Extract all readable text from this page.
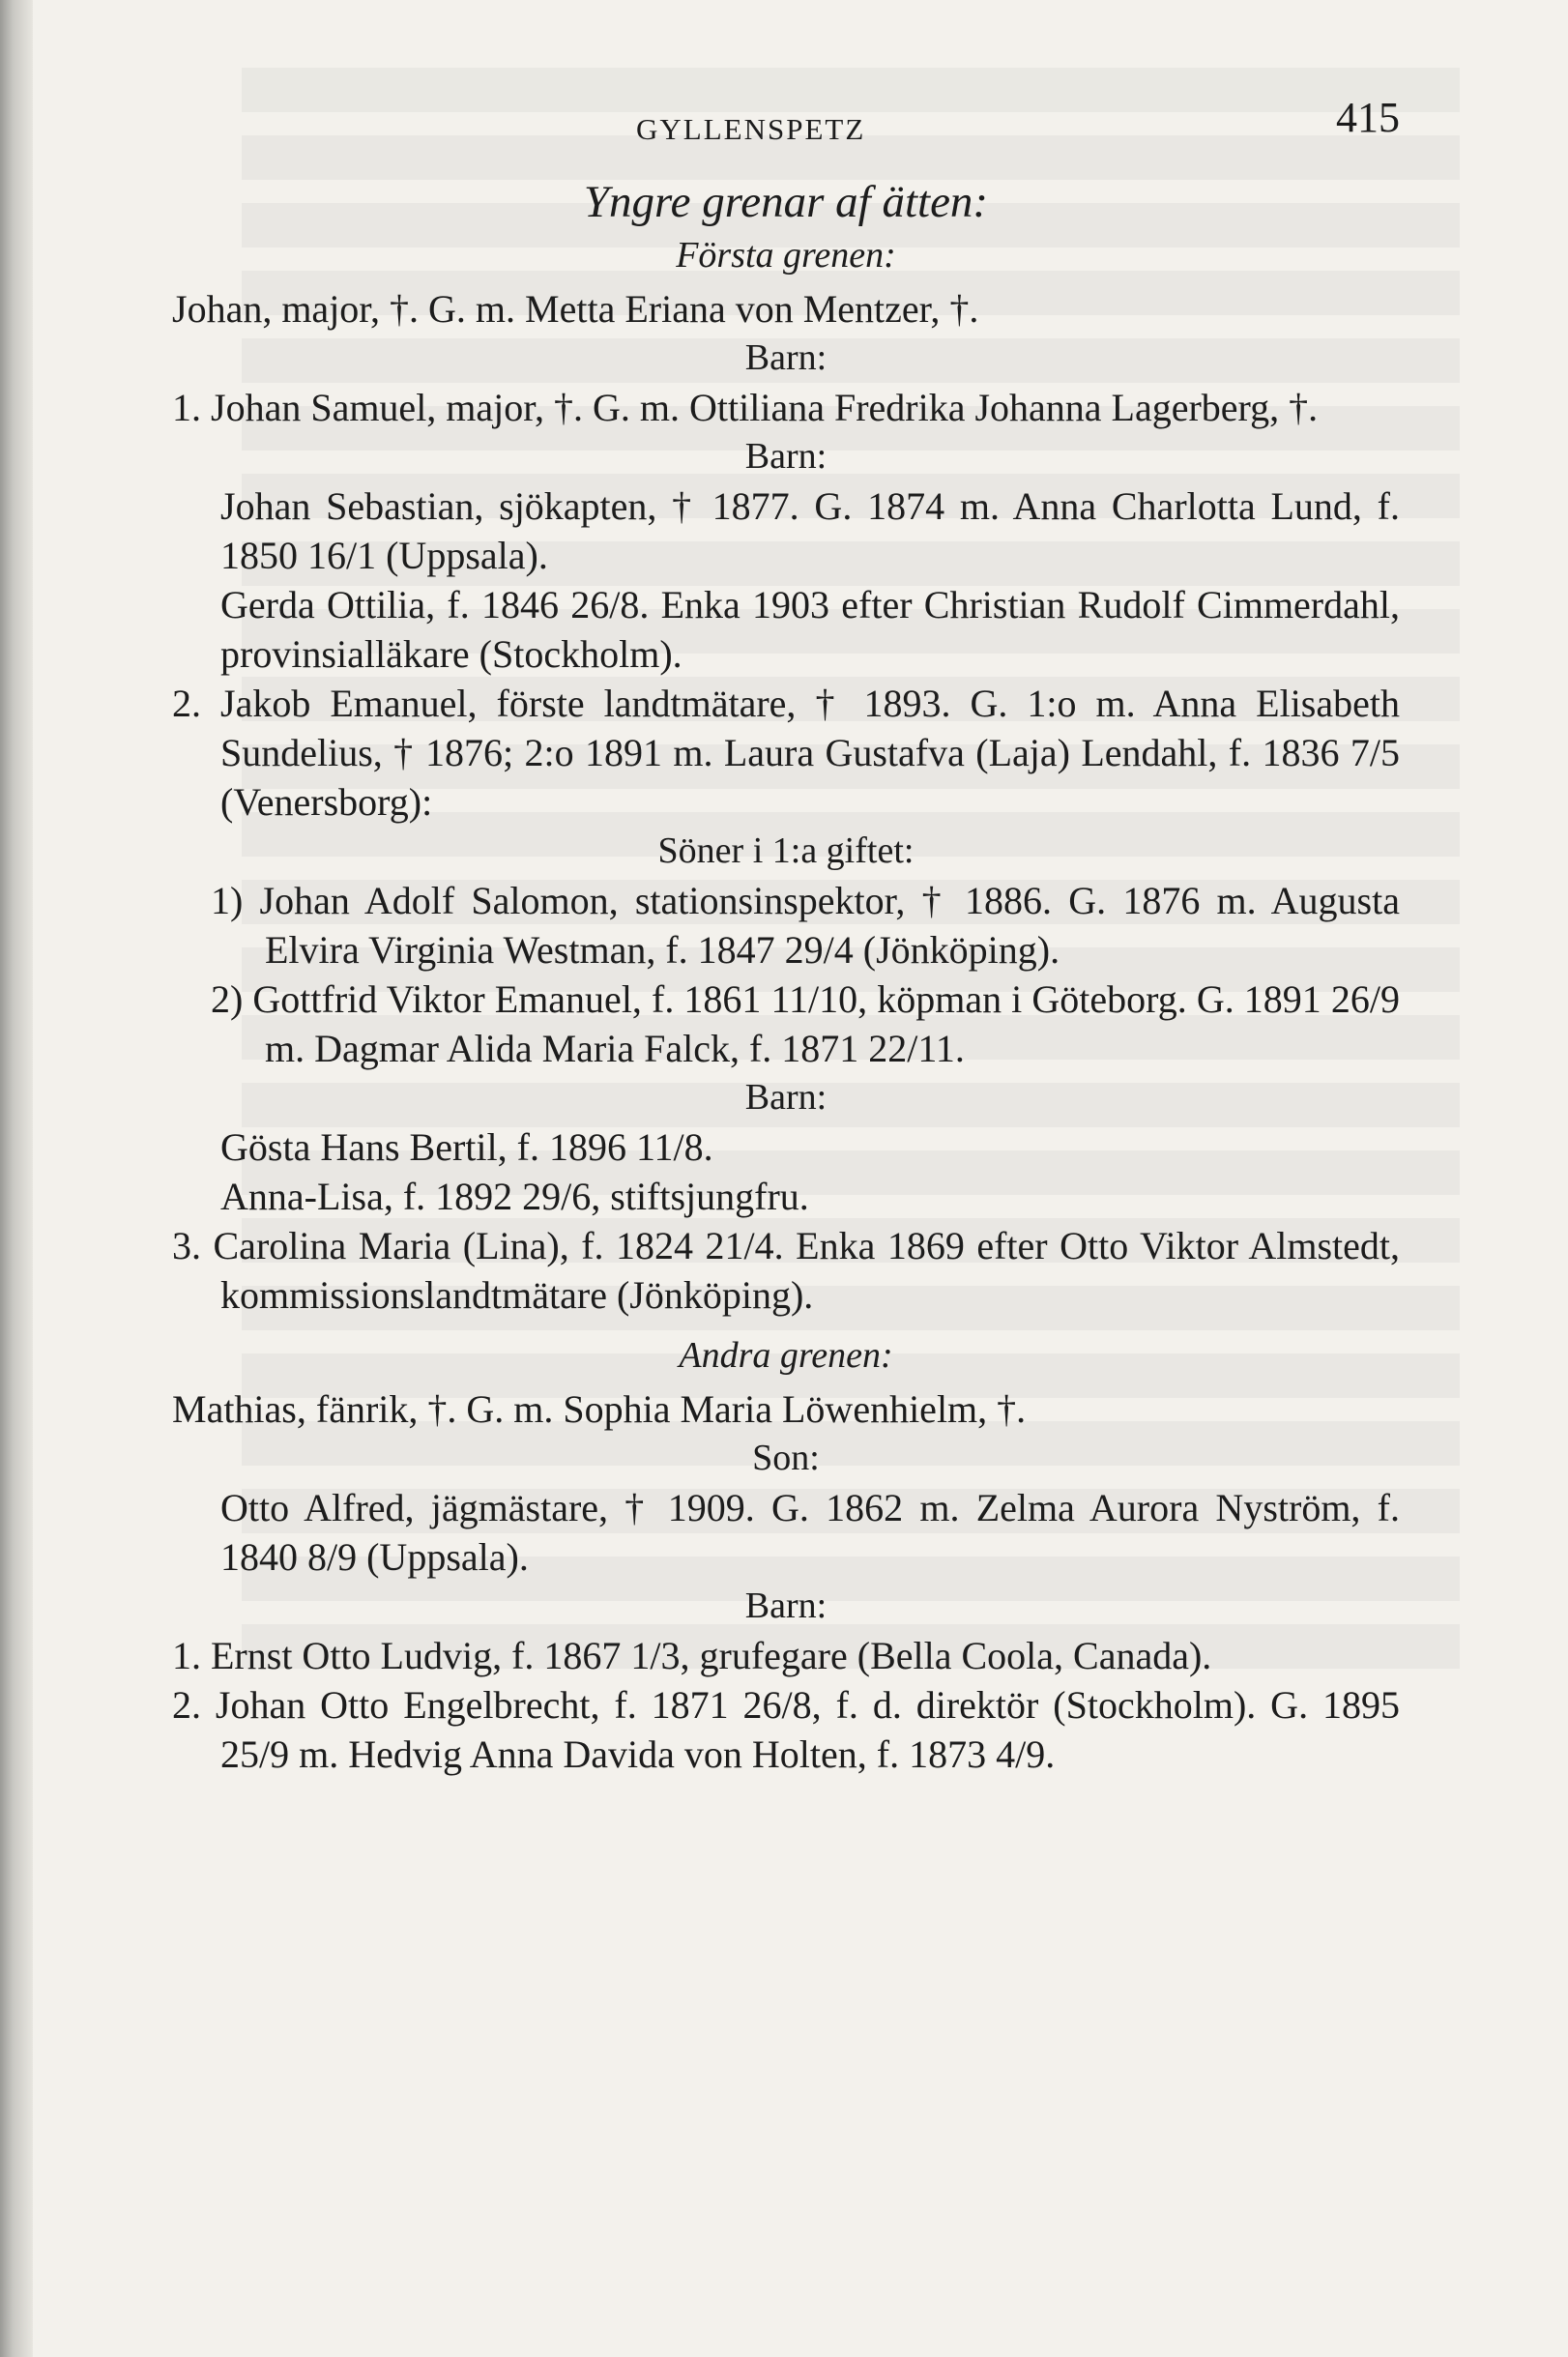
GYLLENSPETZ	415
Yngre grenar af ätten:
Första grenen:

Johan, major, †. G. m. Metta Eriana von Mentzer, †.

Barn:

1. Johan Samuel, major, †. G. m. Ottiliana Fredrika Johanna Lagerberg, †.

Barn:

Johan Sebastian, sjökapten, † 1877. G. 1874 m. Anna Charlotta Lund, f. 1850 16/1 (Uppsala).

Gerda Ottilia, f. 1846 26/8. Enka 1903 efter Christian Rudolf Cimmerdahl, provinsialläkare (Stockholm).

2. Jakob Emanuel, förste landtmätare, † 1893. G. 1:o m. Anna Elisabeth Sundelius, † 1876; 2:o 1891 m. Laura Gustafva (Laja) Lendahl, f. 1836 7/5 (Venersborg):

Söner i 1:a giftet:

1) Johan Adolf Salomon, stationsinspektor, † 1886. G. 1876 m. Augusta Elvira Virginia Westman, f. 1847 29/4 (Jönköping).

2) Gottfrid Viktor Emanuel, f. 1861 11/10, köpman i Göteborg. G. 1891 26/9 m. Dagmar Alida Maria Falck, f. 1871 22/11.

Barn:

Gösta Hans Bertil, f. 1896 11/8.

Anna-Lisa, f. 1892 29/6, stiftsjungfru.

3. Carolina Maria (Lina), f. 1824 21/4. Enka 1869 efter Otto Viktor Almstedt, kommissionslandtmätare (Jönköping).

Andra grenen:

Mathias, fänrik, †. G. m. Sophia Maria Löwenhielm, †.

Son:

Otto Alfred, jägmästare, † 1909. G. 1862 m. Zelma Aurora Nyström, f. 1840 8/9 (Uppsala).

Barn:

1. Ernst Otto Ludvig, f. 1867 1/3, grufegare (Bella Coola, Canada).

2. Johan Otto Engelbrecht, f. 1871 26/8, f. d. direktör (Stockholm). G. 1895 25/9 m. Hedvig Anna Davida von Holten, f. 1873 4/9.
